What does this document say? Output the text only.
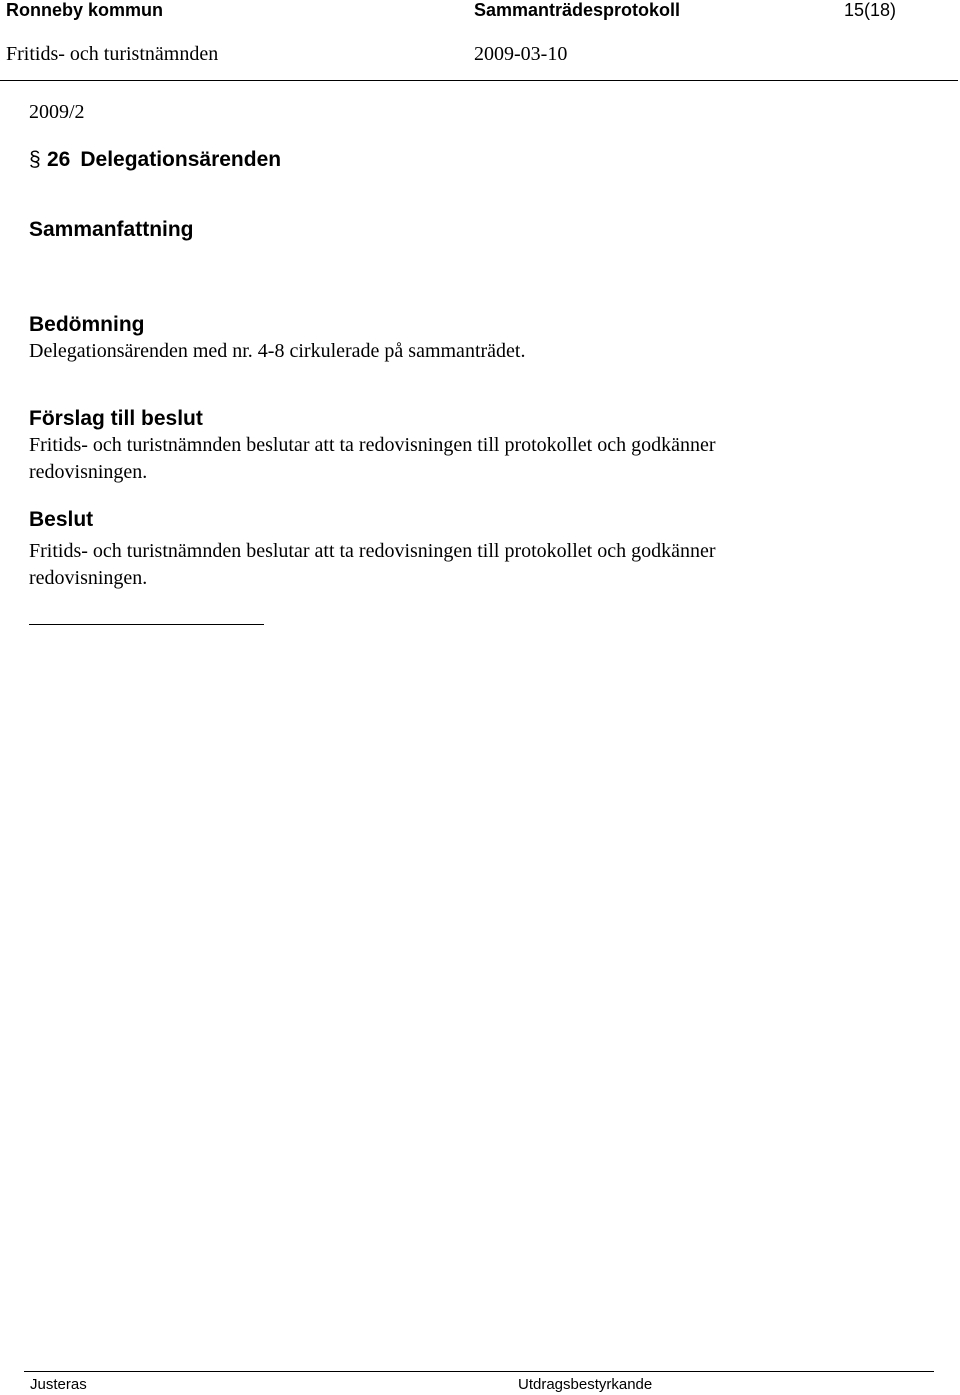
Ronneby kommun	Sammanträdesprotokoll	15(18)
Fritids- och turistnämnden	2009-03-10
2009/2
§ 26 Delegationsärenden
Sammanfattning
Bedömning
Delegationsärenden med nr. 4-8 cirkulerade på sammanträdet.
Förslag till beslut
Fritids- och turistnämnden beslutar att ta redovisningen till protokollet och godkänner
redovisningen.
Beslut
Fritids- och turistnämnden beslutar att ta redovisningen till protokollet och godkänner
redovisningen.
Justeras	Utdragsbestyrkande
